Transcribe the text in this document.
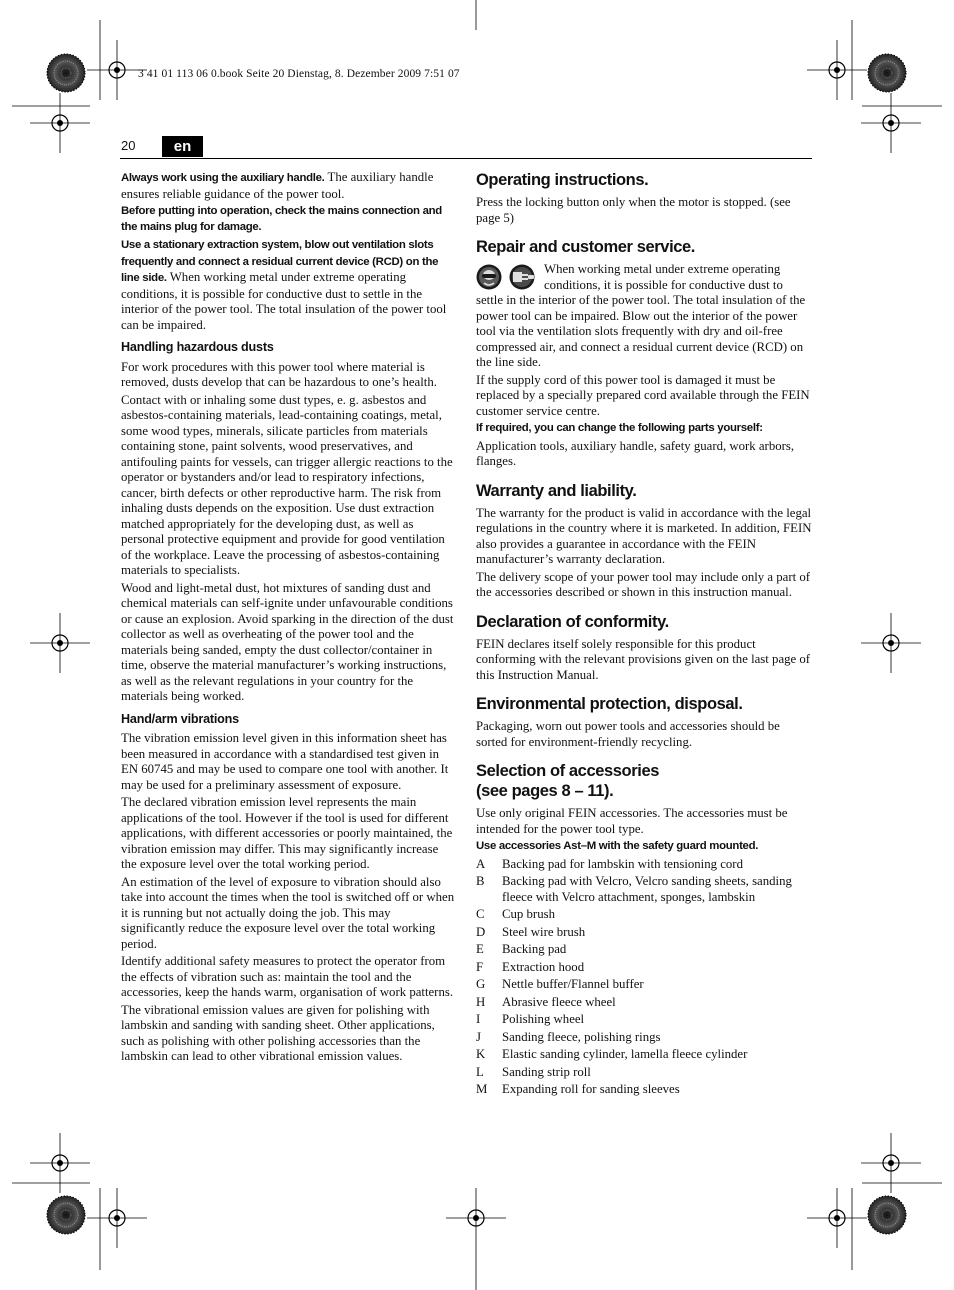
3 41 01 113 06 0.book Seite 20 Dienstag, 8. Dezember 2009 7:51 07
20	en

Always work using the auxiliary handle. The auxiliary handle ensures reliable guidance of the power tool.

Before putting into operation, check the mains connection and the mains plug for damage.

Use a stationary extraction system, blow out ventilation slots frequently and connect a residual current device (RCD) on the line side. When working metal under extreme operating conditions, it is possible for conductive dust to settle in the interior of the power tool. The total insulation of the power tool can be impaired.

Handling hazardous dusts

For work procedures with this power tool where material is removed, dusts develop that can be hazardous to one’s health.

Contact with or inhaling some dust types, e. g. asbestos and asbestos-containing materials, lead-containing coatings, metal, some wood types, minerals, silicate particles from materials containing stone, paint solvents, wood preservatives, and antifouling paints for vessels, can trigger allergic reactions to the operator or bystanders and/or lead to respiratory infections, cancer, birth defects or other reproductive harm. The risk from inhaling dusts depends on the exposition. Use dust extraction matched appropriately for the developing dust, as well as personal protective equipment and provide for good ventilation of the workplace. Leave the processing of asbestos-containing materials to specialists.

Wood and light-metal dust, hot mixtures of sanding dust and chemical materials can self-ignite under unfavourable conditions or cause an explosion. Avoid sparking in the direction of the dust collector as well as overheating of the power tool and the materials being sanded, empty the dust collector/container in time, observe the material manufacturer’s working instructions, as well as the relevant regulations in your country for the materials being worked.

Hand/arm vibrations

The vibration emission level given in this information sheet has been measured in accordance with a standardised test given in EN 60745 and may be used to compare one tool with another. It may be used for a preliminary assessment of exposure.

The declared vibration emission level represents the main applications of the tool. However if the tool is used for different applications, with different accessories or poorly maintained, the vibration emission may differ. This may significantly increase the exposure level over the total working period.

An estimation of the level of exposure to vibration should also take into account the times when the tool is switched off or when it is running but not actually doing the job. This may significantly reduce the exposure level over the total working period.

Identify additional safety measures to protect the operator from the effects of vibration such as: maintain the tool and the accessories, keep the hands warm, organisation of work patterns.

The vibrational emission values are given for polishing with lambskin and sanding with sanding sheet. Other applications, such as polishing with other polishing accessories than the lambskin can lead to other vibrational emission values.

Operating instructions.

Press the locking button only when the motor is stopped. (see page 5)

Repair and customer service.

When working metal under extreme operating conditions, it is possible for conductive dust to settle in the interior of the power tool. The total insulation of the power tool can be impaired. Blow out the interior of the power tool via the ventilation slots frequently with dry and oil-free compressed air, and connect a residual current device (RCD) on the line side.

If the supply cord of this power tool is damaged it must be replaced by a specially prepared cord available through the FEIN customer service centre.

If required, you can change the following parts yourself:

Application tools, auxiliary handle, safety guard, work arbors, flanges.

Warranty and liability.

The warranty for the product is valid in accordance with the legal regulations in the country where it is marketed. In addition, FEIN also provides a guarantee in accordance with the FEIN manufacturer’s warranty declaration.

The delivery scope of your power tool may include only a part of the accessories described or shown in this instruction manual.

Declaration of conformity.

FEIN declares itself solely responsible for this product conforming with the relevant provisions given on the last page of this Instruction Manual.

Environmental protection, disposal.

Packaging, worn out power tools and accessories should be sorted for environment-friendly recycling.

Selection of accessories
(see pages 8 – 11).

Use only original FEIN accessories. The accessories must be intended for the power tool type.

Use accessories Ast–M with the safety guard mounted.

A	Backing pad for lambskin with tensioning cord
B	Backing pad with Velcro, Velcro sanding sheets, sanding fleece with Velcro attachment, sponges, lambskin
C	Cup brush
D	Steel wire brush
E	Backing pad
F	Extraction hood
G	Nettle buffer/Flannel buffer
H	Abrasive fleece wheel
I	Polishing wheel
J	Sanding fleece, polishing rings
K	Elastic sanding cylinder, lamella fleece cylinder
L	Sanding strip roll
M	Expanding roll for sanding sleeves
